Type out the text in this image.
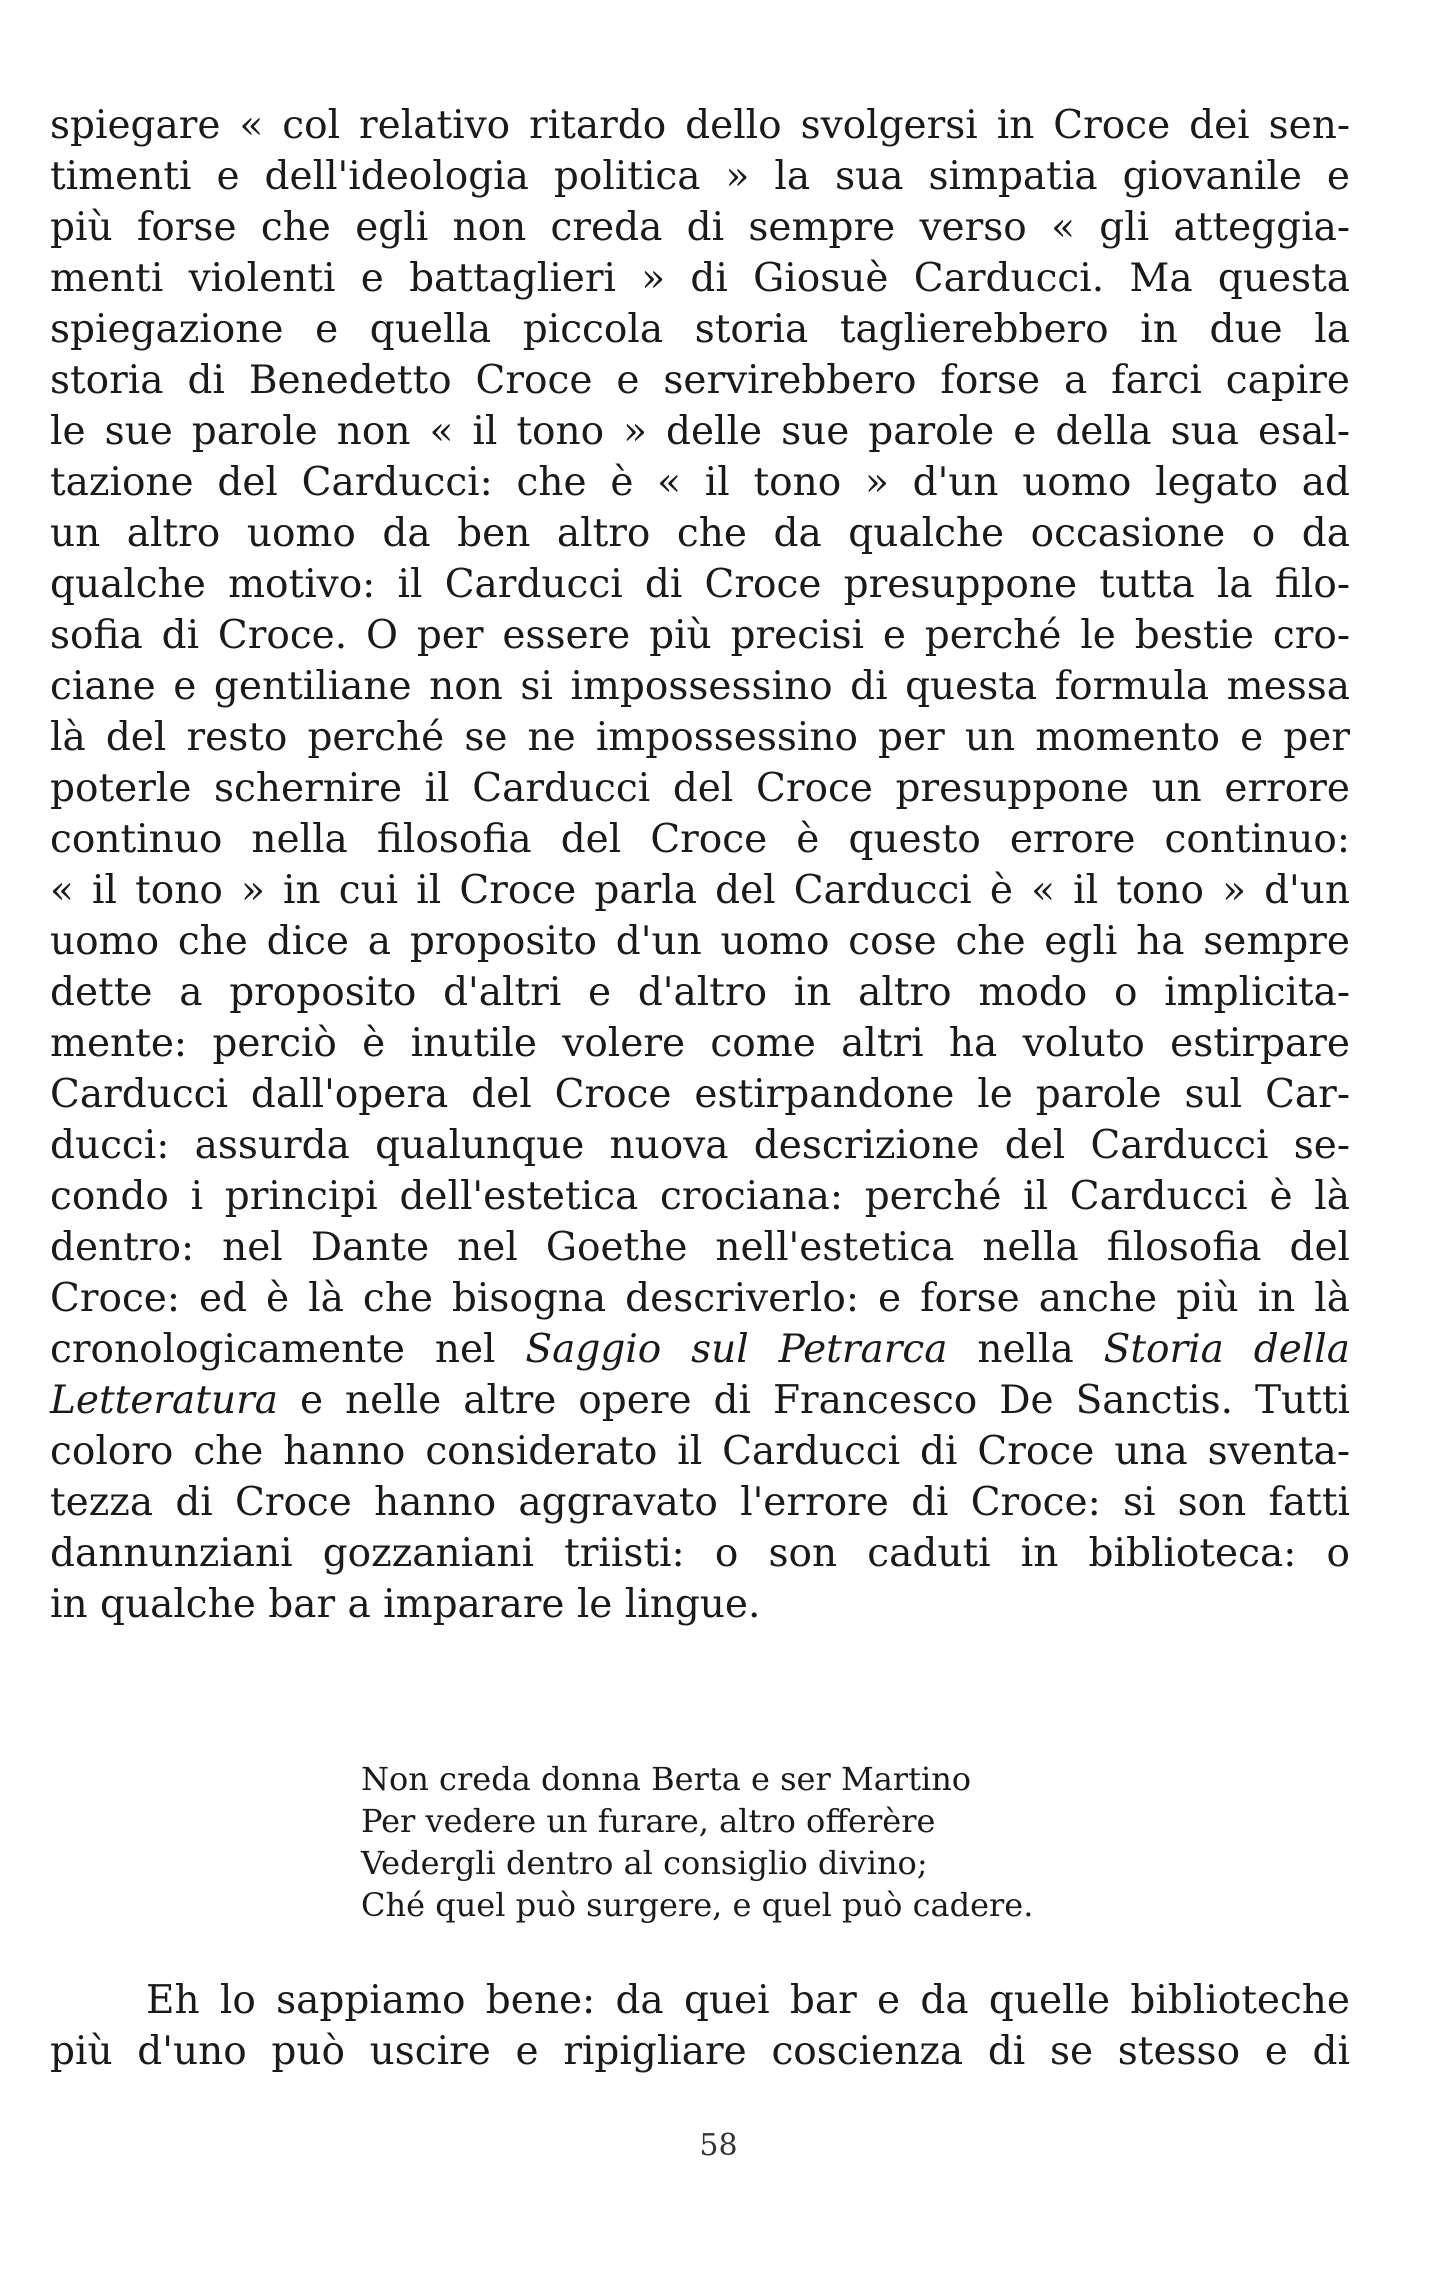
spiegare « col relativo ritardo dello svolgersi in Croce dei sen-
timenti e dell'ideologia politica » la sua simpatia giovanile e
più forse che egli non creda di sempre verso « gli atteggia-
menti violenti e battaglieri » di Giosuè Carducci. Ma questa
spiegazione e quella piccola storia taglierebbero in due la
storia di Benedetto Croce e servirebbero forse a farci capire
le sue parole non « il tono » delle sue parole e della sua esal-
tazione del Carducci: che è « il tono » d'un uomo legato ad
un altro uomo da ben altro che da qualche occasione o da
qualche motivo: il Carducci di Croce presuppone tutta la filo-
sofia di Croce. O per essere più precisi e perché le bestie cro-
ciane e gentiliane non si impossessino di questa formula messa
là del resto perché se ne impossessino per un momento e per
poterle schernire il Carducci del Croce presuppone un errore
continuo nella filosofia del Croce è questo errore continuo:
« il tono » in cui il Croce parla del Carducci è « il tono » d'un
uomo che dice a proposito d'un uomo cose che egli ha sempre
dette a proposito d'altri e d'altro in altro modo o implicita-
mente: perciò è inutile volere come altri ha voluto estirpare
Carducci dall'opera del Croce estirpandone le parole sul Car-
ducci: assurda qualunque nuova descrizione del Carducci se-
condo i principi dell'estetica crociana: perché il Carducci è là
dentro: nel Dante nel Goethe nell'estetica nella filosofia del
Croce: ed è là che bisogna descriverlo: e forse anche più in là
cronologicamente nel Saggio sul Petrarca nella Storia della
Letteratura e nelle altre opere di Francesco De Sanctis. Tutti
coloro che hanno considerato il Carducci di Croce una sventa-
tezza di Croce hanno aggravato l'errore di Croce: si son fatti
dannunziani gozzaniani triisti: o son caduti in biblioteca: o
in qualche bar a imparare le lingue.
Non creda donna Berta e ser Martino
Per vedere un furare, altro offerère
Vedergli dentro al consiglio divino;
Ché quel può surgere, e quel può cadere.
Eh lo sappiamo bene: da quei bar e da quelle biblioteche
più d'uno può uscire e ripigliare coscienza di se stesso e di
58
